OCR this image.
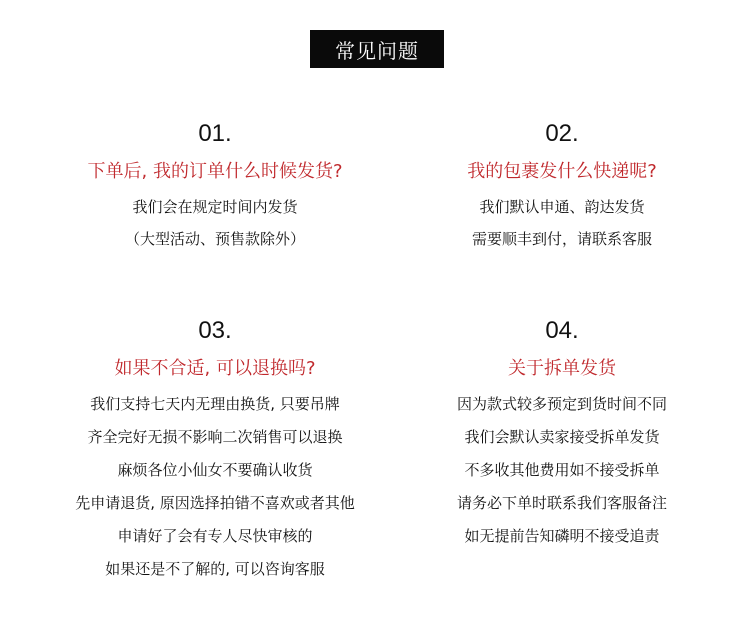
常见问题
01.
下单后, 我的订单什么时候发货?
我们会在规定时间内发货
（大型活动、预售款除外）
02.
我的包裹发什么快递呢?
我们默认申通、韵达发货
需要顺丰到付，请联系客服
03.
如果不合适, 可以退换吗?
我们支持七天内无理由换货, 只要吊牌
齐全完好无损不影响二次销售可以退换
麻烦各位小仙女不要确认收货
先申请退货, 原因选择拍错不喜欢或者其他
申请好了会有专人尽快审核的
如果还是不了解的, 可以咨询客服
04.
关于拆单发货
因为款式较多预定到货时间不同
我们会默认卖家接受拆单发货
不多收其他费用如不接受拆单
请务必下单时联系我们客服备注
如无提前告知磷明不接受追责
